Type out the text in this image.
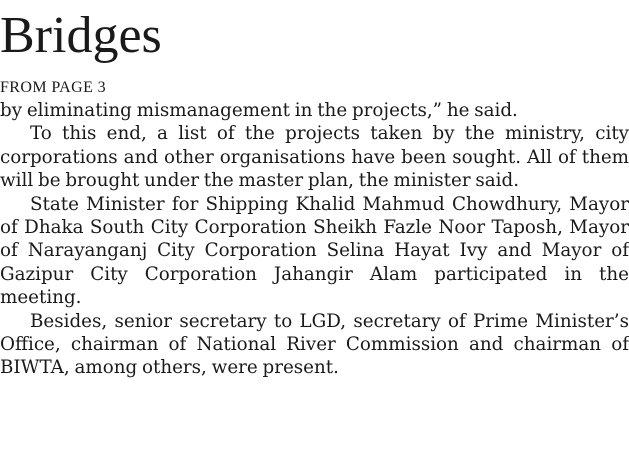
Bridges
FROM PAGE 3

by eliminating mismanagement in the projects,” he said.

To this end, a list of the projects taken by the ministry, city corporations and other organisations have been sought. All of them will be brought under the master plan, the minister said.

State Minister for Shipping Khalid Mahmud Chowdhury, Mayor of Dhaka South City Corporation Sheikh Fazle Noor Taposh, Mayor of Narayanganj City Corporation Selina Hayat Ivy and Mayor of Gazipur City Corporation Jahangir Alam participated in the meeting.

Besides, senior secretary to LGD, secretary of Prime Minister’s Office, chairman of National River Commission and chairman of BIWTA, among others, were present.
